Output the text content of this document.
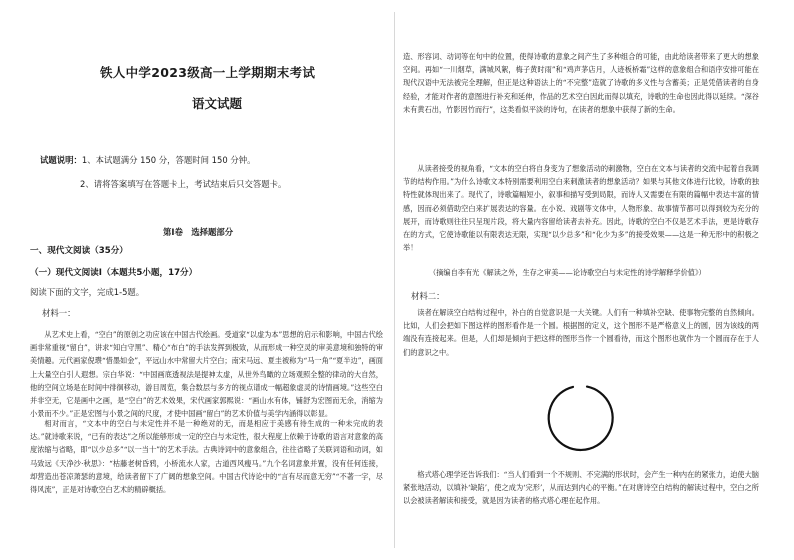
铁人中学2023级高一上学期期末考试
语文试题
试题说明：1、本试题满分 150 分，答题时间 150 分钟。
2、请将答案填写在答题卡上，考试结束后只交答题卡。
第Ⅰ卷　选择题部分
一、现代文阅读（35分）
（一）现代文阅读Ⅰ（本题共5小题，17分）
阅读下面的文字，完成1-5题。
材料一：
从艺术史上看，“空白”的原创之功应该在中国古代绘画。受道家“以虚为本”思想的启示和影响，中国古代绘画非常重视“留白”，讲求“知白守黑”、精心“布白”的手法发挥到极致，从而形成一种空灵的审美意境和独特的审美情趣。元代画家倪瓒“惜墨如金”，平远山水中常留大片空白；南宋马远、夏圭被称为“马一角”“夏半边”，画面上大量空白引人遐想。宗白华说：“中国画底透视法是提神太虚，从世外鸟瞰的立场观照全整的律动的大自然，他的空间立场是在时间中徘徊移动，游目周览，集合数层与多方的视点谱成一幅超象虚灵的诗情画境。”这些空白并非空无，它是画中之画，是“空白”的艺术效果，宋代画家郭熙说：“画山水有体，铺舒为宏图而无余，消缩为小景而不少。”正是宏图与小景之间的尺度，才使中国画“留白”的艺术价值与美学内涵得以彰显。
相对而言，“文本中的空白与未定性并不是一种绝对的无，而是相应于美感有待生成的一种未完成的表达。”就诗歌来说，“已有的表达”之所以能够形成一定的空白与未定性，很大程度上依赖于诗歌的语言对意象的高度浓缩与省略，即“以少总多”“以一当十”的艺术手法。古典诗词中的意象组合，往往省略了关联词语和动词，如马致远《天净沙·秋思》：“枯藤老树昏鸦，小桥流水人家，古道西风瘦马。”九个名词意象并置，没有任何连接，却营造出苍凉萧瑟的意境，给读者留下了广阔的想象空间。中国古代诗论中的“言有尽而意无穷”“不著一字，尽得风流”，正是对诗歌空白艺术的精辟概括。
造、形容词、动词等在句中的位置，使得诗歌的意象之间产生了多种组合的可能，由此给读者带来了更大的想象空间。再如“一川烟草，满城风絮，梅子黄时雨”和“鸡声茅店月，人迹板桥霜”这样的意象组合和语序安排可能在现代汉语中无法被完全理解，但正是这种语法上的“不完整”造就了诗歌的多义性与含蓄美；正是凭借读者的自身经验，才能对作者的意图进行补充和延伸，作品的艺术空白因此而得以填充，诗歌的生命也因此得以延续。“深谷未有黄石出，竹影因竹而行”，这类看似平淡的诗句，在读者的想象中获得了新的生命。
从读者接受的视角看，“文本的空白将自身变为了想象活动的刺激物，空白在文本与读者的交流中起着自我调节的结构作用。”为什么诗歌文本特别需要利用空白来刺激读者的想象活动？如果与其他文体进行比较，诗歌的独特性就体现出来了。现代了，诗歌篇幅短小，叙事和描写受到局限，而诗人又需要在有限的篇幅中表达丰富的情感，因而必须借助空白来扩展表达的容量。在小说、戏剧等文体中，人物形象、故事情节都可以得到较为充分的展开，而诗歌则往往只呈现片段，将大量内容留给读者去补充。因此，诗歌的空白不仅是艺术手法，更是诗歌存在的方式，它使诗歌能以有限表达无限，实现“以少总多”和“化少为多”的接受效果——这是一种无形中的积极之举！
（摘编自李有光《解读之外，生存之审美——论诗歌空白与未定性的诗学解释学价值》）
材料二：
读者在解读空白结构过程中，补白的自觉意识是一大关键。人们有一种填补空缺、使事物完整的自然倾向。比如，人们会把如下图这样的图形看作是一个圆。根据图的定义，这个图形不是严格意义上的圆，因为该线的两端没有连接起来。但是，人们却是倾向于把这样的图形当作一个圆看待，而这个图形也就作为一个圆而存在于人们的意识之中。
格式塔心理学还告诉我们：“当人们看到一个不规则、不完满的形状时，会产生一种内在的紧张力，迫使大脑紧张地活动，以填补‘缺陷’，使之成为‘完形’，从而达到内心的平衡。”在对唐诗空白结构的解读过程中，空白之所以会被读者解读和接受，就是因为读者的格式塔心理在起作用。
